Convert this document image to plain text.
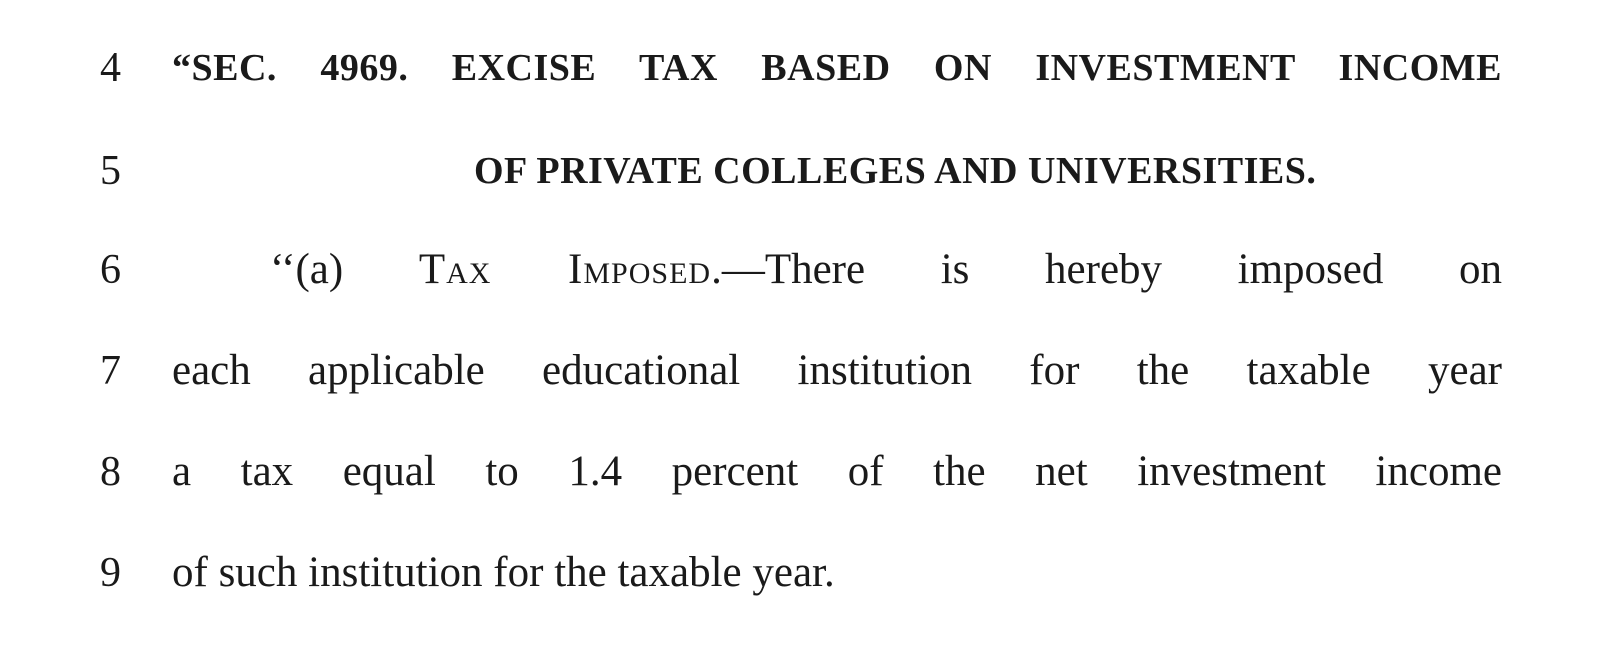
4	“SEC. 4969. EXCISE TAX BASED ON INVESTMENT INCOME
5	OF PRIVATE COLLEGES AND UNIVERSITIES.
6	‘‘(a) Tax Imposed.—There is hereby imposed on
7	each applicable educational institution for the taxable year
8	a tax equal to 1.4 percent of the net investment income
9	of such institution for the taxable year.
